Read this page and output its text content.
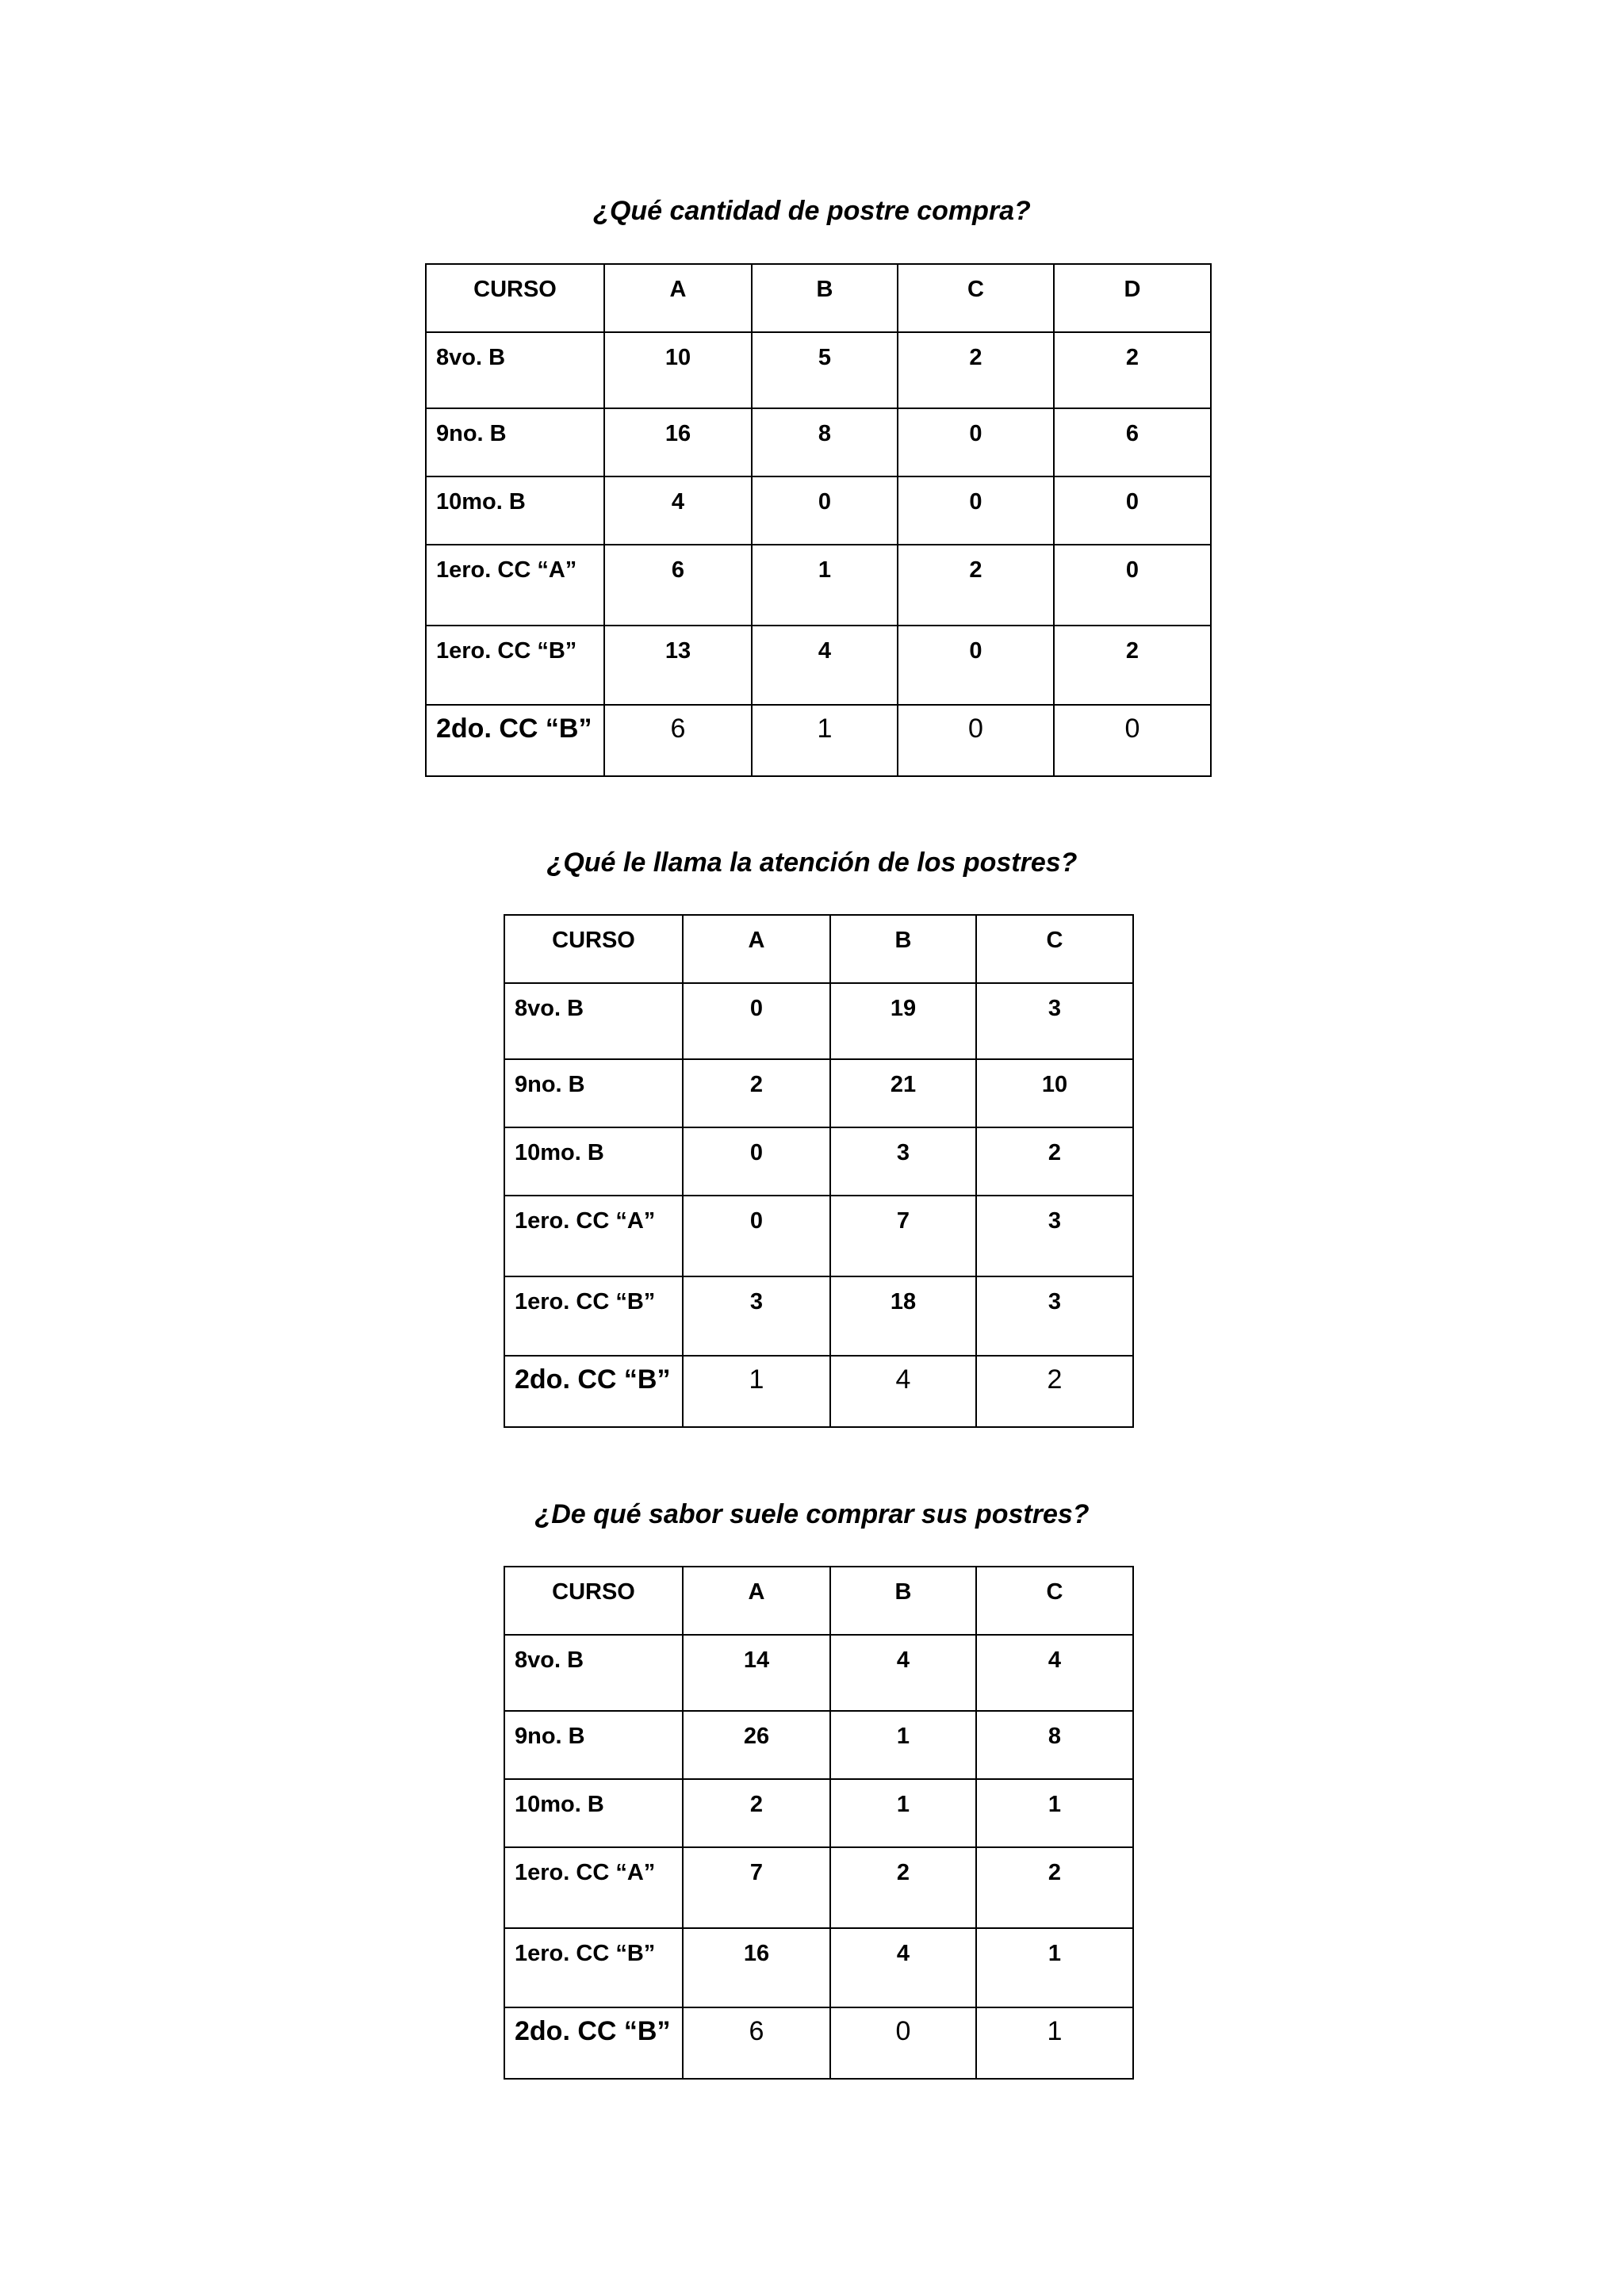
¿Qué cantidad de postre compra?
CURSO	A	B	C	D

8vo. B	10	5	2	2

9no. B	16	8	0	6

10mo. B	4	0	0	0

1ero. CC “A”	6	1	2	0

1ero. CC “B”	13	4	0	2

2do. CC “B”	6	1	0	0
¿Qué le llama la atención de los postres?
CURSO	A	B	C

8vo. B	0	19	3

9no. B	2	21	10

10mo. B	0	3	2

1ero. CC “A”	0	7	3

1ero. CC “B”	3	18	3

2do. CC “B”	1	4	2
¿De qué sabor suele comprar sus postres?
CURSO	A	B	C

8vo. B	14	4	4

9no. B	26	1	8

10mo. B	2	1	1

1ero. CC “A”	7	2	2

1ero. CC “B”	16	4	1

2do. CC “B”	6	0	1
